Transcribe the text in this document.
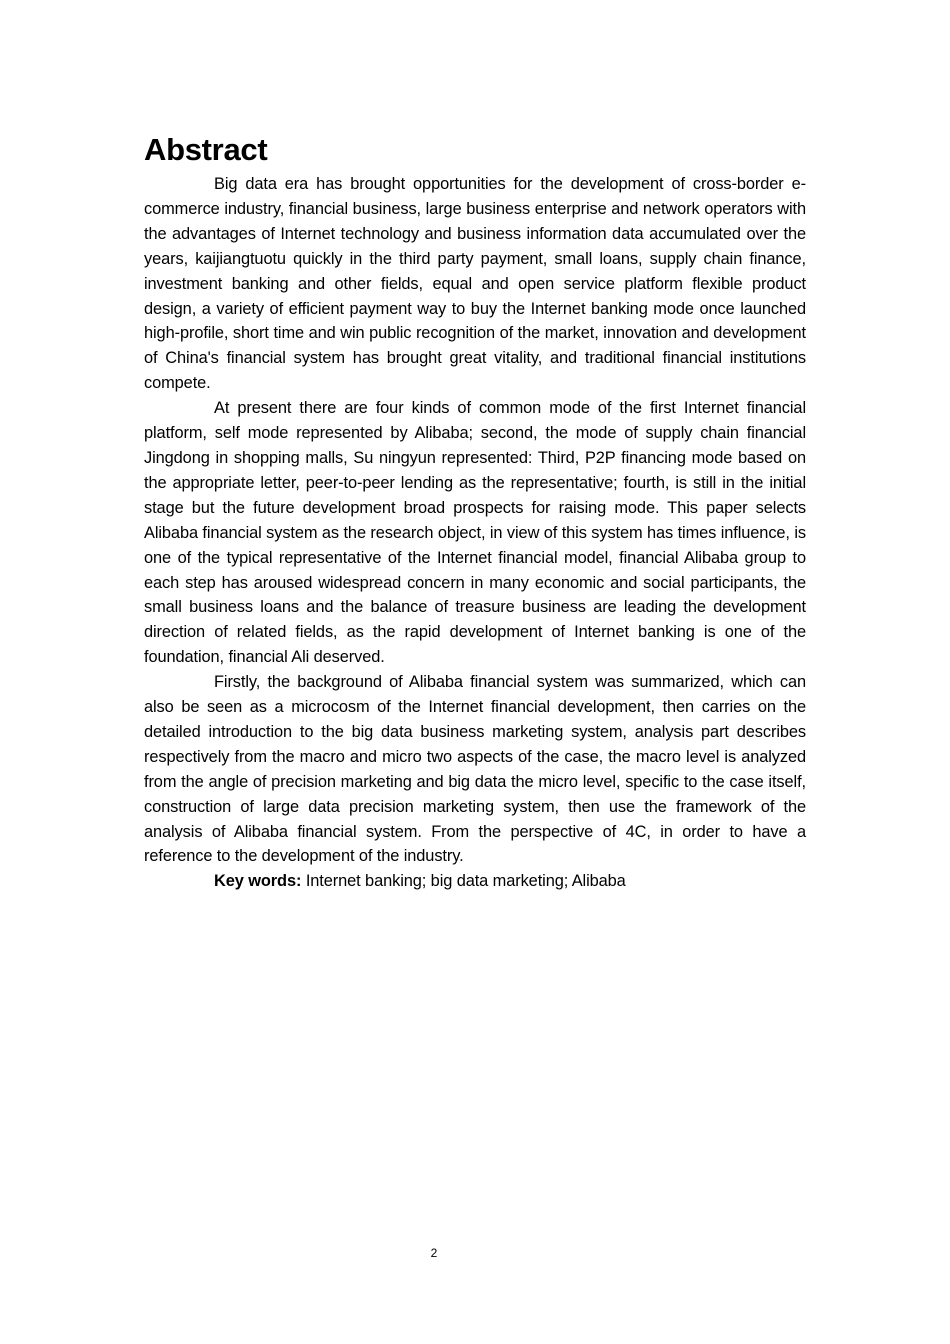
Abstract

Big data era has brought opportunities for the development of cross-border e-commerce industry, financial business, large business enterprise and network operators with the advantages of Internet technology and business information data accumulated over the years, kaijiangtuotu quickly in the third party payment, small loans, supply chain finance, investment banking and other fields, equal and open service platform flexible product design, a variety of efficient payment way to buy the Internet banking mode once launched high-profile, short time and win public recognition of the market, innovation and development of China's financial system has brought great vitality, and traditional financial institutions compete.

At present there are four kinds of common mode of the first Internet financial platform, self mode represented by Alibaba; second, the mode of supply chain financial Jingdong in shopping malls, Su ningyun represented: Third, P2P financing mode based on the appropriate letter, peer-to-peer lending as the representative; fourth, is still in the initial stage but the future development broad prospects for raising mode. This paper selects Alibaba financial system as the research object, in view of this system has times influence, is one of the typical representative of the Internet financial model, financial Alibaba group to each step has aroused widespread concern in many economic and social participants, the small business loans and the balance of treasure business are leading the development direction of related fields, as the rapid development of Internet banking is one of the foundation, financial Ali deserved.

Firstly, the background of Alibaba financial system was summarized, which can also be seen as a microcosm of the Internet financial development, then carries on the detailed introduction to the big data business marketing system, analysis part describes respectively from the macro and micro two aspects of the case, the macro level is analyzed from the angle of precision marketing and big data the micro level, specific to the case itself, construction of large data precision marketing system, then use the framework of the analysis of Alibaba financial system. From the perspective of 4C, in order to have a reference to the development of the industry.

Key words: Internet banking; big data marketing; Alibaba

2
